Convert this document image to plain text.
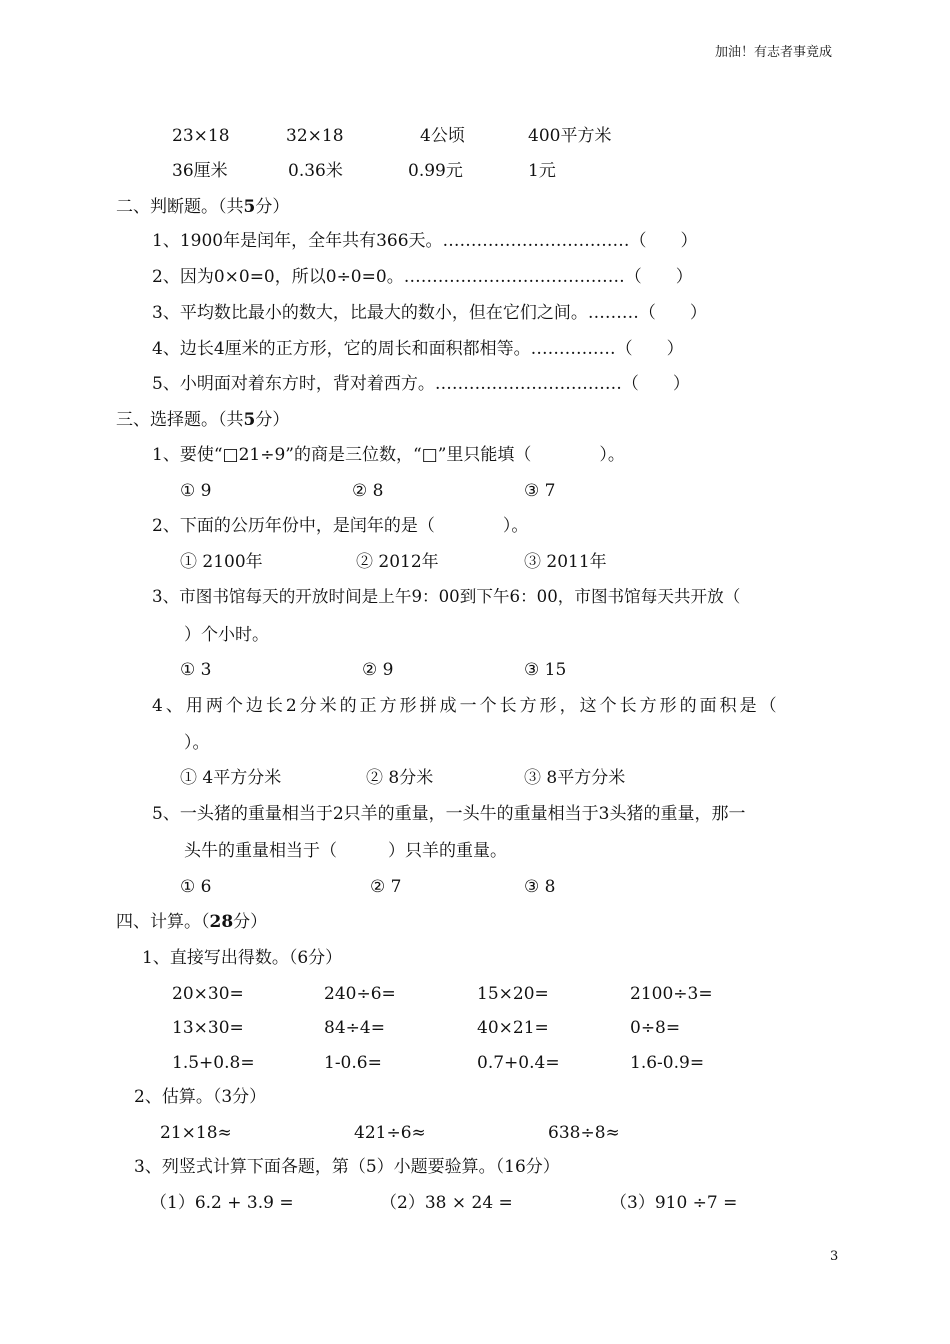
加油！有志者事竟成
23×18	32×18	4公顷	400平方米
36厘米	0.36米	0.99元	1元
二、判断题。（共5分）
1、1900年是闰年，全年共有366天。……………………………（　　）
2、因为0×0=0，所以0÷0=0。…………………………………（　　）
3、平均数比最小的数大，比最大的数小，但在它们之间。………（　　）
4、边长4厘米的正方形，它的周长和面积都相等。……………（　　）
5、小明面对着东方时，背对着西方。……………………………（　　）
三、选择题。（共5分）
1、要使“□21÷9”的商是三位数，“□”里只能填（　　　　）。
① 9	② 8	③ 7
2、下面的公历年份中，是闰年的是（　　　　）。
① 2100年	② 2012年	③ 2011年
3、市图书馆每天的开放时间是上午9：00到下午6：00，市图书馆每天共开放（
）个小时。
① 3	② 9	③ 15
4、用两个边长2分米的正方形拼成一个长方形，这个长方形的面积是（
）。
① 4平方分米	② 8分米	③ 8平方分米
5、一头猪的重量相当于2只羊的重量，一头牛的重量相当于3头猪的重量，那一
头牛的重量相当于（　　　）只羊的重量。
① 6	② 7	③ 8
四、计算。（28分）
1、直接写出得数。（6分）
20×30=	240÷6=	15×20=	2100÷3=
13×30=	84÷4=	40×21=	0÷8=
1.5+0.8=	1-0.6=	0.7+0.4=	1.6-0.9=
2、估算。（3分）
21×18≈	421÷6≈	638÷8≈
3、列竖式计算下面各题，第（5）小题要验算。（16分）
（1）6.2 + 3.9 =	（2）38 × 24 =	（3）910 ÷7 =
3
